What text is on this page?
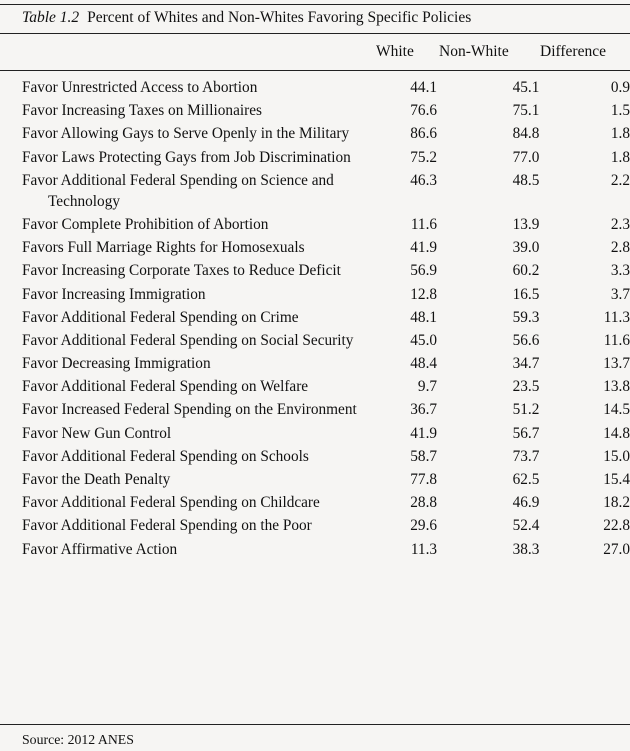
Table 1.2 Percent of Whites and Non-Whites Favoring Specific Policies
White Non-White Difference
Favor Unrestricted Access to Abortion	44.1	45.1	0.9
Favor Increasing Taxes on Millionaires	76.6	75.1	1.5
Favor Allowing Gays to Serve Openly in the Military	86.6	84.8	1.8
Favor Laws Protecting Gays from Job Discrimination	75.2	77.0	1.8
Favor Additional Federal Spending on Science and Technology	46.3	48.5	2.2
Favor Complete Prohibition of Abortion	11.6	13.9	2.3
Favors Full Marriage Rights for Homosexuals	41.9	39.0	2.8
Favor Increasing Corporate Taxes to Reduce Deficit	56.9	60.2	3.3
Favor Increasing Immigration	12.8	16.5	3.7
Favor Additional Federal Spending on Crime	48.1	59.3	11.3
Favor Additional Federal Spending on Social Security	45.0	56.6	11.6
Favor Decreasing Immigration	48.4	34.7	13.7
Favor Additional Federal Spending on Welfare	9.7	23.5	13.8
Favor Increased Federal Spending on the Environment	36.7	51.2	14.5
Favor New Gun Control	41.9	56.7	14.8
Favor Additional Federal Spending on Schools	58.7	73.7	15.0
Favor the Death Penalty	77.8	62.5	15.4
Favor Additional Federal Spending on Childcare	28.8	46.9	18.2
Favor Additional Federal Spending on the Poor	29.6	52.4	22.8
Favor Affirmative Action	11.3	38.3	27.0
Source: 2012 ANES
